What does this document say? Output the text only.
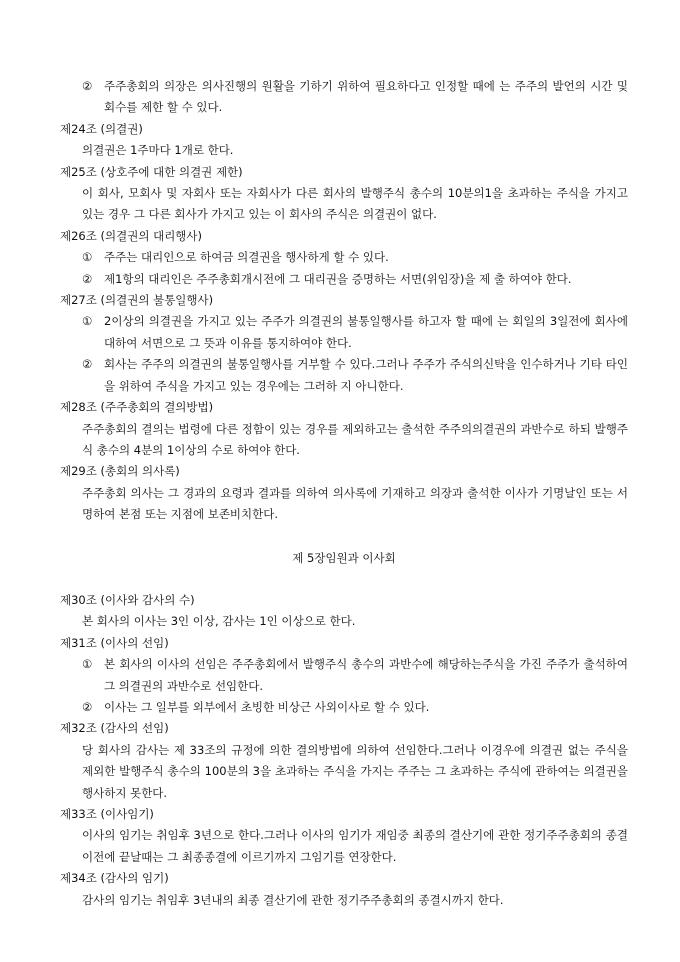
②	주주총회의 의장은 의사진행의 원활을 기하기 위하여 필요하다고 인정할 때에 는 주주의 발언의 시간 및 회수를 제한 할 수 있다.
제24조 (의결권)
의결권은 1주마다 1개로 한다.
제25조 (상호주에 대한 의결권 제한)
이 회사, 모회사 및 자회사 또는 자회사가 다른 회사의 발행주식 총수의 10분의1을 초과하는 주식을 가지고 있는 경우 그 다른 회사가 가지고 있는 이 회사의 주식은 의결권이 없다.
제26조 (의결권의 대리행사)
①	주주는 대리인으로 하여금 의결권을 행사하게 할 수 있다.
②	제1항의 대리인은 주주총회개시전에 그 대리권을 증명하는 서면(위임장)을 제 출 하여야 한다.
제27조 (의결권의 불통일행사)
①	2이상의 의결권을 가지고 있는 주주가 의결권의 불통일행사를 하고자 할 때에 는 회일의 3일전에 회사에 대하여 서면으로 그 뜻과 이유를 통지하여야 한다.
②	회사는 주주의 의결권의 불통일행사를 거부할 수 있다.그러나 주주가 주식의신탁을 인수하거나 기타 타인을 위하여 주식을 가지고 있는 경우에는 그러하 지 아니한다.
제28조 (주주총회의 결의방법)
주주총회의 결의는 법령에 다른 정함이 있는 경우를 제외하고는 출석한 주주의의결권의 과반수로 하되 발행주식 총수의 4분의 1이상의 수로 하여야 한다.
제29조 (총회의 의사록)
주주총회 의사는 그 경과의 요령과 결과를 의하여 의사록에 기재하고 의장과 출석한 이사가 기명날인 또는 서명하여 본점 또는 지점에 보존비치한다.
제 5장임원과 이사회
제30조 (이사와 감사의 수)
본 회사의 이사는 3인 이상, 감사는 1인 이상으로 한다.
제31조 (이사의 선임)
①	본 회사의 이사의 선임은 주주총회에서 발행주식 총수의 과반수에 해당하는주식을 가진 주주가 출석하여 그 의결권의 과반수로 선임한다.
②	이사는 그 일부를 외부에서 초빙한 비상근 사외이사로 할 수 있다.
제32조 (감사의 선임)
당 회사의 감사는 제 33조의 규정에 의한 결의방법에 의하여 선임한다.그러나 이경우에 의결권 없는 주식을 제외한 발행주식 총수의 100분의 3을 초과하는 주식을 가지는 주주는 그 초과하는 주식에 관하여는 의결권을 행사하지 못한다.
제33조 (이사임기)
이사의 임기는 취임후 3년으로 한다.그러나 이사의 임기가 재임중 최종의 결산기에 관한 정기주주총회의 종결 이전에 끝날때는 그 최종종결에 이르기까지 그임기를 연장한다.
제34조 (감사의 임기)
감사의 임기는 취임후 3년내의 최종 결산기에 관한 정기주주총회의 종결시까지 한다.
